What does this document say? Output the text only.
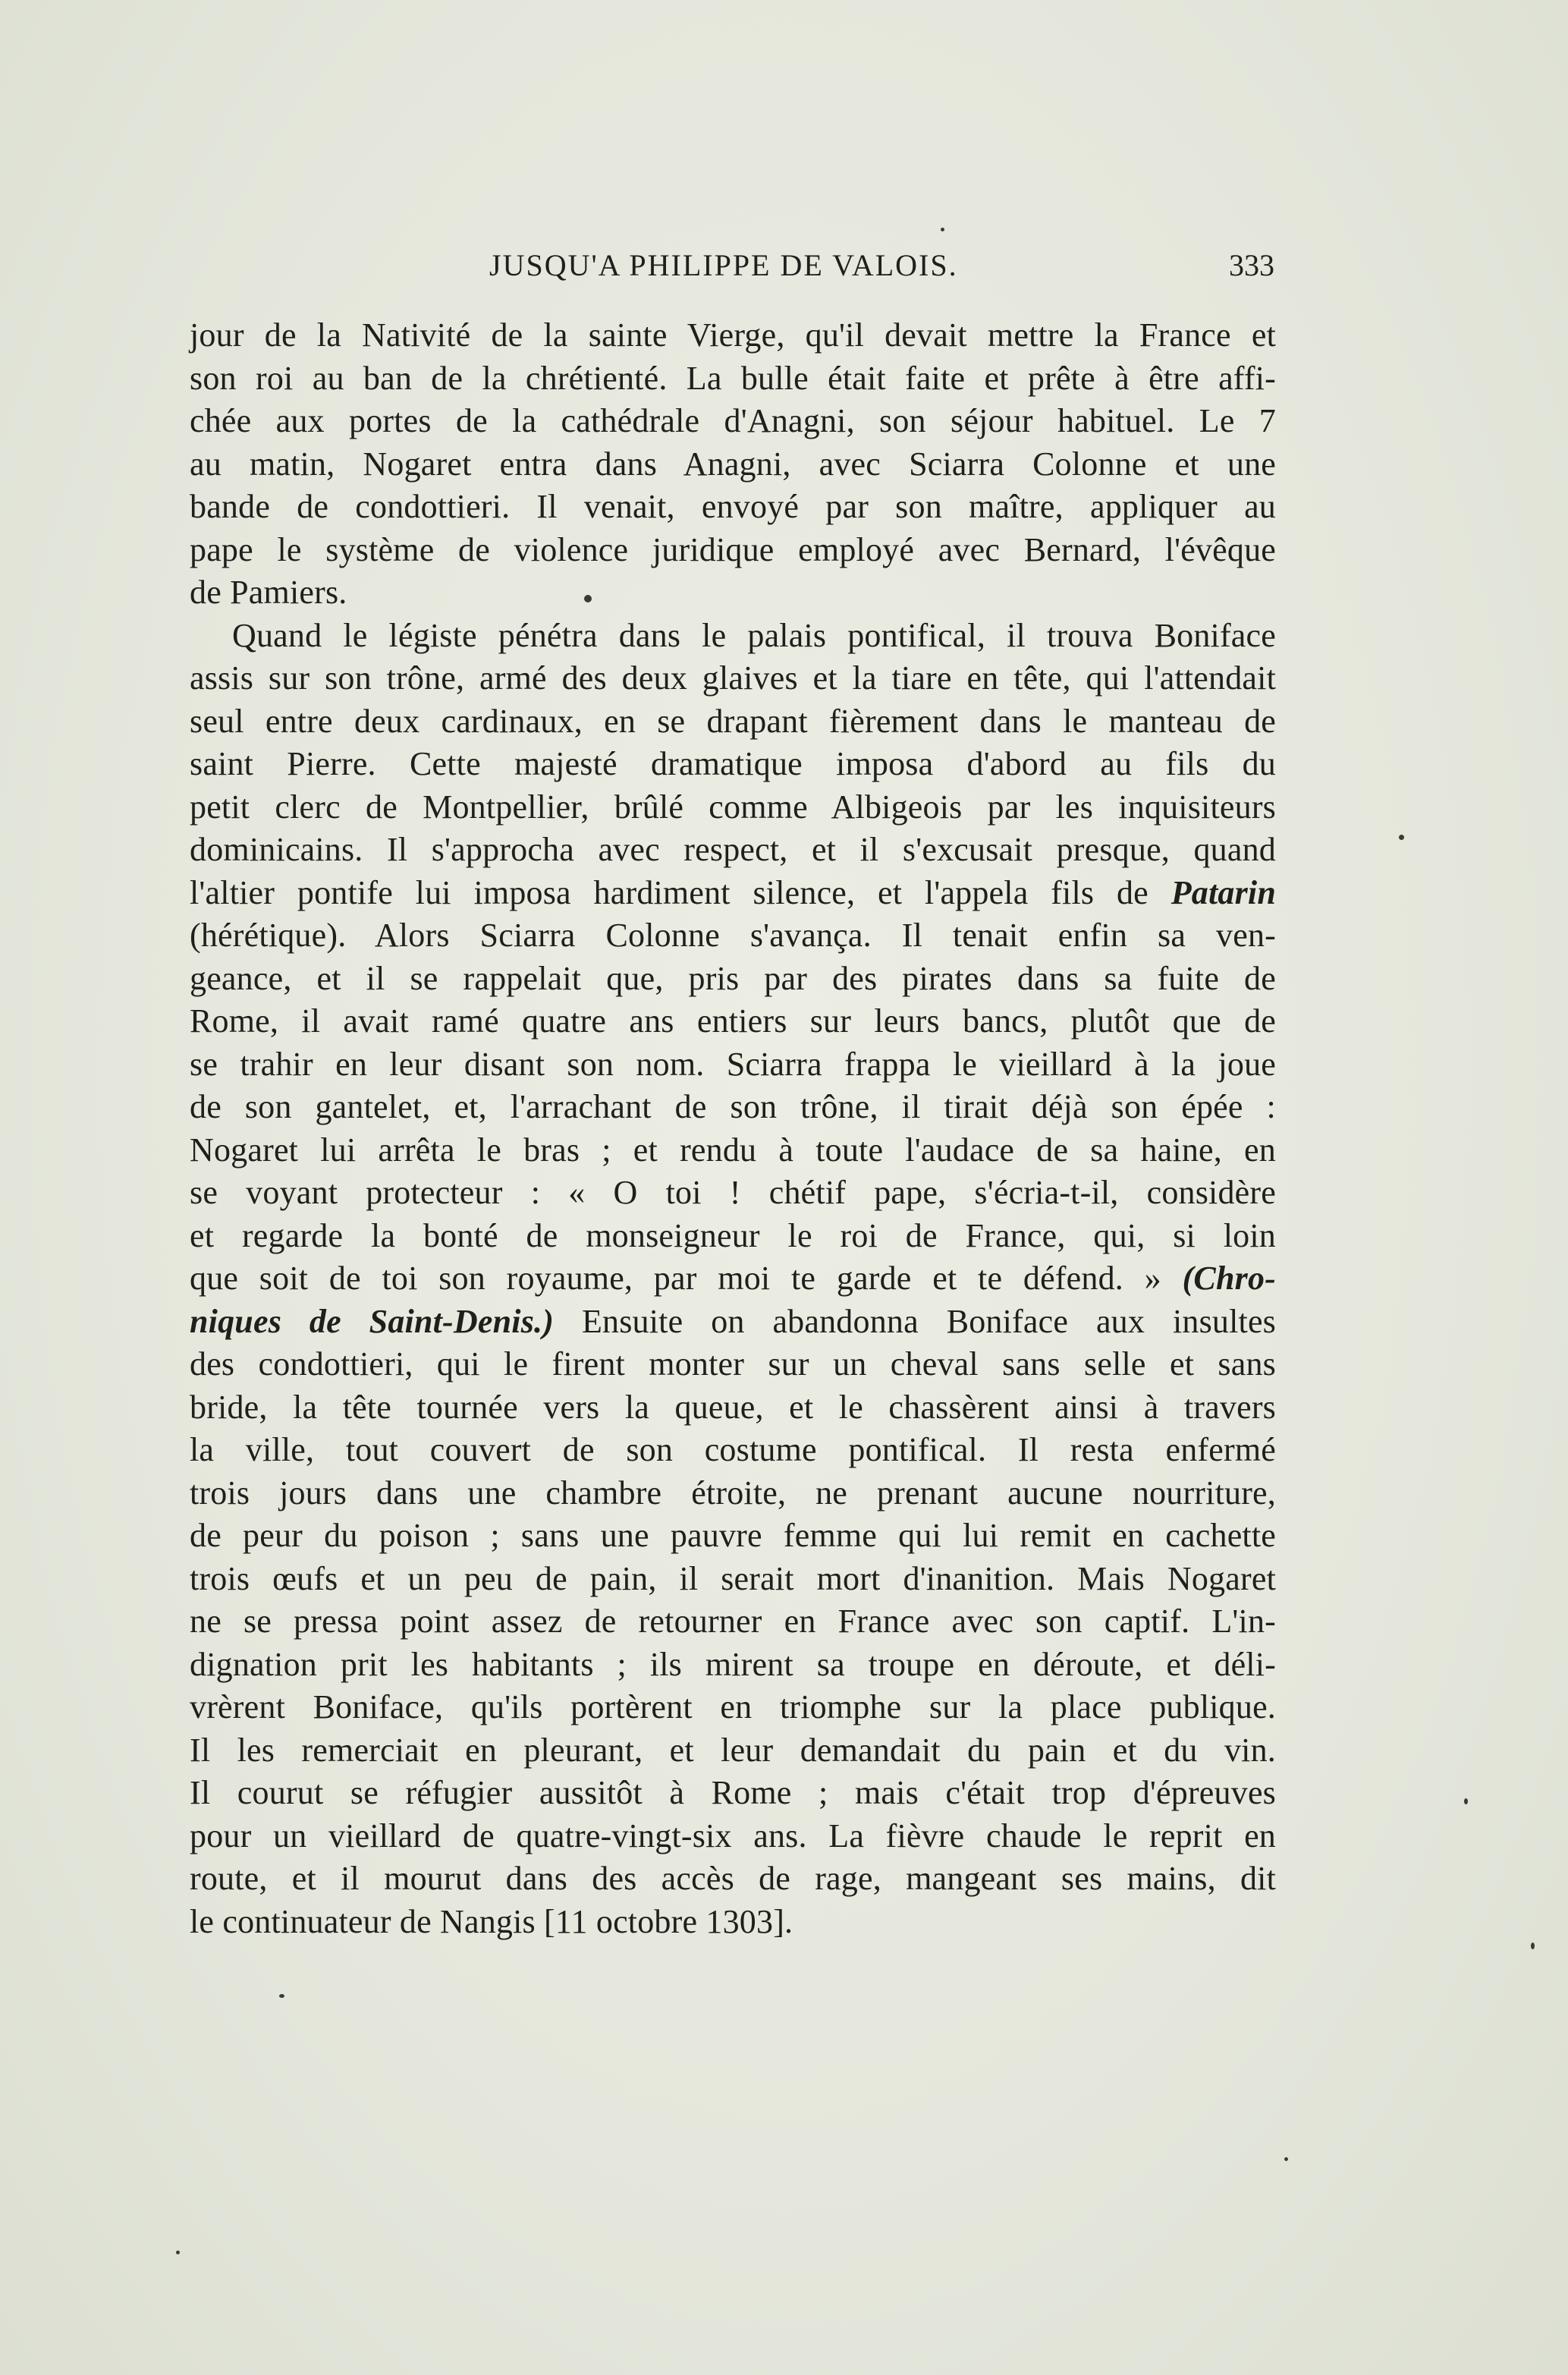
JUSQU'A PHILIPPE DE VALOIS.	333
jour de la Nativité de la sainte Vierge, qu'il devait mettre la France et
son roi au ban de la chrétienté. La bulle était faite et prête à être affi-
chée aux portes de la cathédrale d'Anagni, son séjour habituel. Le 7
au matin, Nogaret entra dans Anagni, avec Sciarra Colonne et une
bande de condottieri. Il venait, envoyé par son maître, appliquer au
pape le système de violence juridique employé avec Bernard, l'évêque
de Pamiers.
Quand le légiste pénétra dans le palais pontifical, il trouva Boniface
assis sur son trône, armé des deux glaives et la tiare en tête, qui l'attendait
seul entre deux cardinaux, en se drapant fièrement dans le manteau de
saint Pierre. Cette majesté dramatique imposa d'abord au fils du
petit clerc de Montpellier, brûlé comme Albigeois par les inquisiteurs
dominicains. Il s'approcha avec respect, et il s'excusait presque, quand
l'altier pontife lui imposa hardiment silence, et l'appela fils de Patarin
(hérétique). Alors Sciarra Colonne s'avança. Il tenait enfin sa ven-
geance, et il se rappelait que, pris par des pirates dans sa fuite de
Rome, il avait ramé quatre ans entiers sur leurs bancs, plutôt que de
se trahir en leur disant son nom. Sciarra frappa le vieillard à la joue
de son gantelet, et, l'arrachant de son trône, il tirait déjà son épée :
Nogaret lui arrêta le bras ; et rendu à toute l'audace de sa haine, en
se voyant protecteur : « O toi ! chétif pape, s'écria-t-il, considère
et regarde la bonté de monseigneur le roi de France, qui, si loin
que soit de toi son royaume, par moi te garde et te défend. » (Chro-
niques de Saint-Denis.) Ensuite on abandonna Boniface aux insultes
des condottieri, qui le firent monter sur un cheval sans selle et sans
bride, la tête tournée vers la queue, et le chassèrent ainsi à travers
la ville, tout couvert de son costume pontifical. Il resta enfermé
trois jours dans une chambre étroite, ne prenant aucune nourriture,
de peur du poison ; sans une pauvre femme qui lui remit en cachette
trois œufs et un peu de pain, il serait mort d'inanition. Mais Nogaret
ne se pressa point assez de retourner en France avec son captif. L'in-
dignation prit les habitants ; ils mirent sa troupe en déroute, et déli-
vrèrent Boniface, qu'ils portèrent en triomphe sur la place publique.
Il les remerciait en pleurant, et leur demandait du pain et du vin.
Il courut se réfugier aussitôt à Rome ; mais c'était trop d'épreuves
pour un vieillard de quatre-vingt-six ans. La fièvre chaude le reprit en
route, et il mourut dans des accès de rage, mangeant ses mains, dit
le continuateur de Nangis [11 octobre 1303].
